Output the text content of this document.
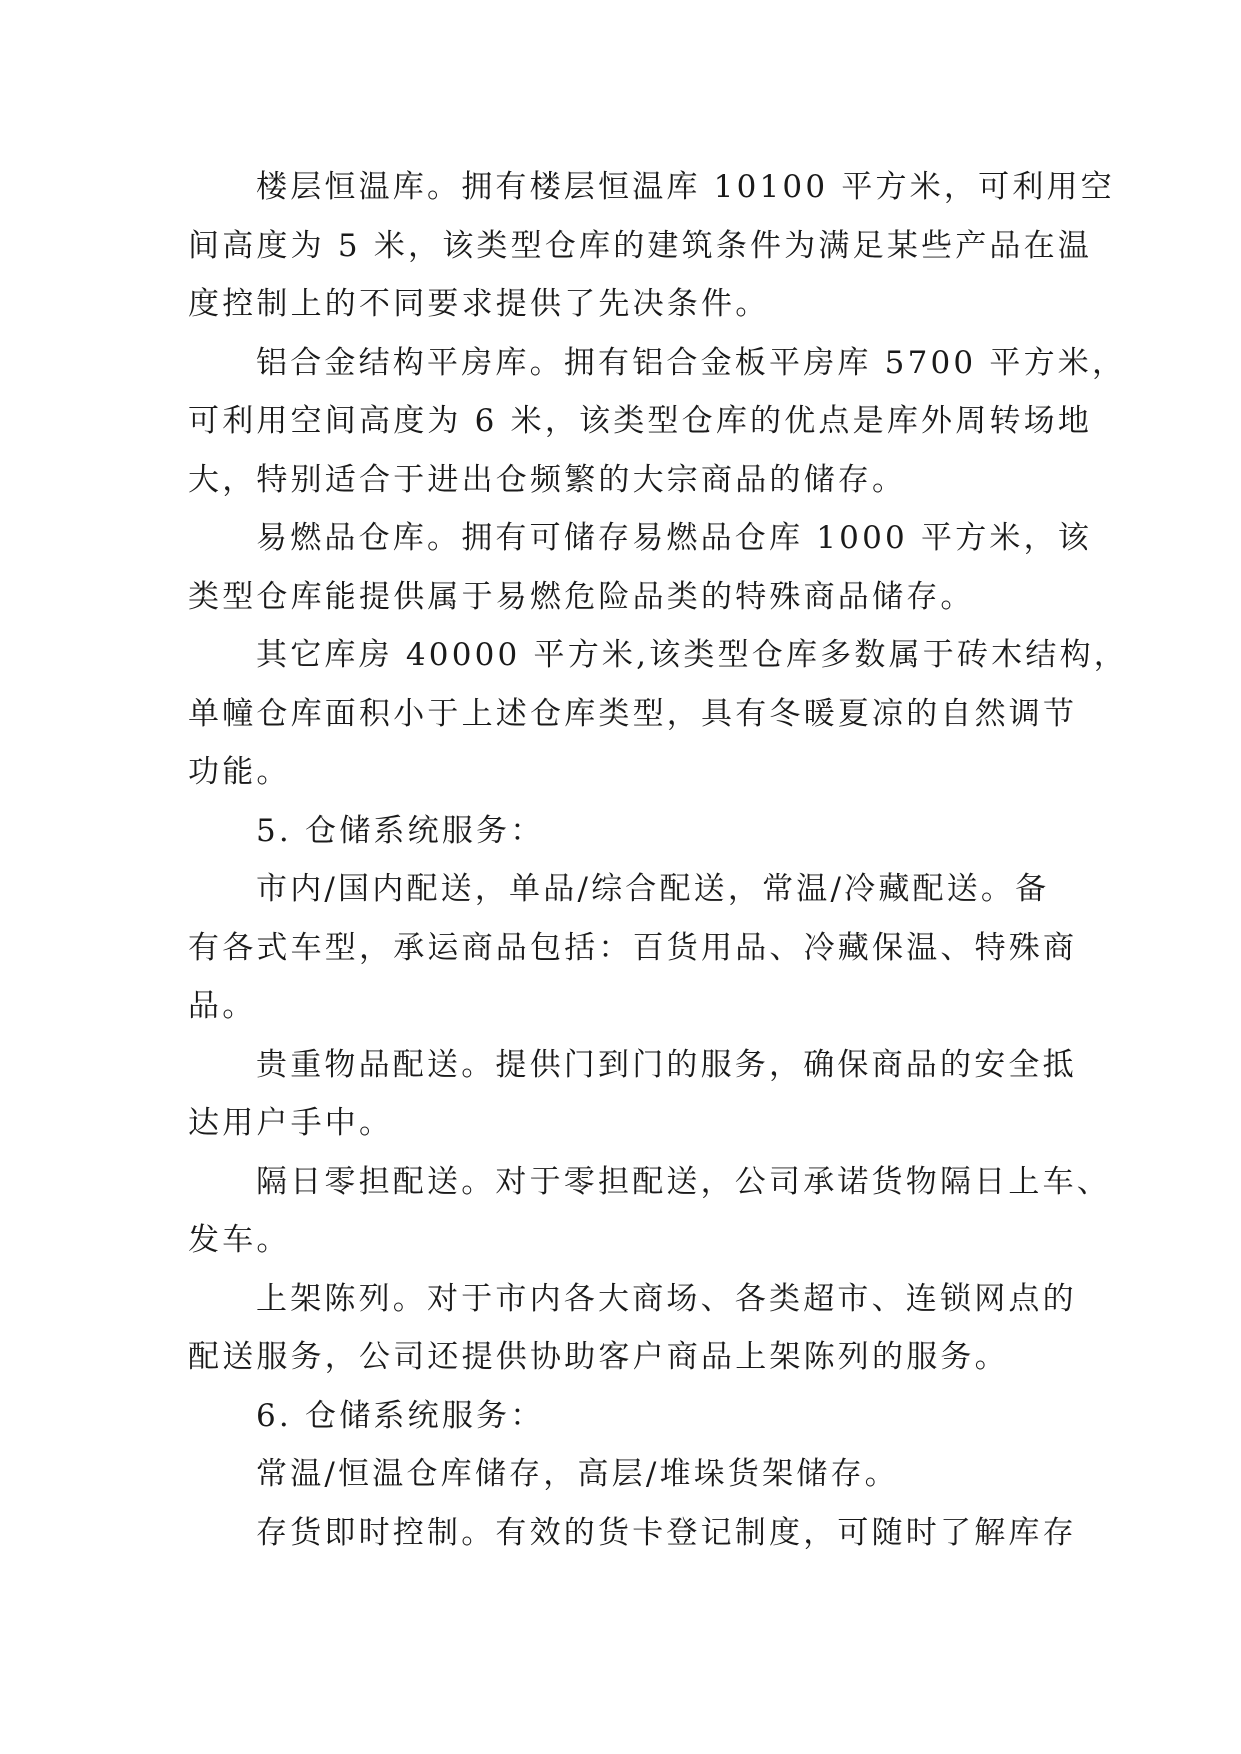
楼层恒温库。拥有楼层恒温库 10100 平方米，可利用空
间高度为 5 米，该类型仓库的建筑条件为满足某些产品在温
度控制上的不同要求提供了先决条件。
铝合金结构平房库。拥有铝合金板平房库 5700 平方米，
可利用空间高度为 6 米，该类型仓库的优点是库外周转场地
大，特别适合于进出仓频繁的大宗商品的储存。
易燃品仓库。拥有可储存易燃品仓库 1000 平方米，该
类型仓库能提供属于易燃危险品类的特殊商品储存。
其它库房 40000 平方米,该类型仓库多数属于砖木结构，
单幢仓库面积小于上述仓库类型，具有冬暖夏凉的自然调节
功能。
5. 仓储系统服务：
市内/国内配送，单品/综合配送，常温/冷藏配送。备
有各式车型，承运商品包括：百货用品、冷藏保温、特殊商
品。
贵重物品配送。提供门到门的服务，确保商品的安全抵
达用户手中。
隔日零担配送。对于零担配送，公司承诺货物隔日上车、
发车。
上架陈列。对于市内各大商场、各类超市、连锁网点的
配送服务，公司还提供协助客户商品上架陈列的服务。
6. 仓储系统服务：
常温/恒温仓库储存，高层/堆垛货架储存。
存货即时控制。有效的货卡登记制度，可随时了解库存
